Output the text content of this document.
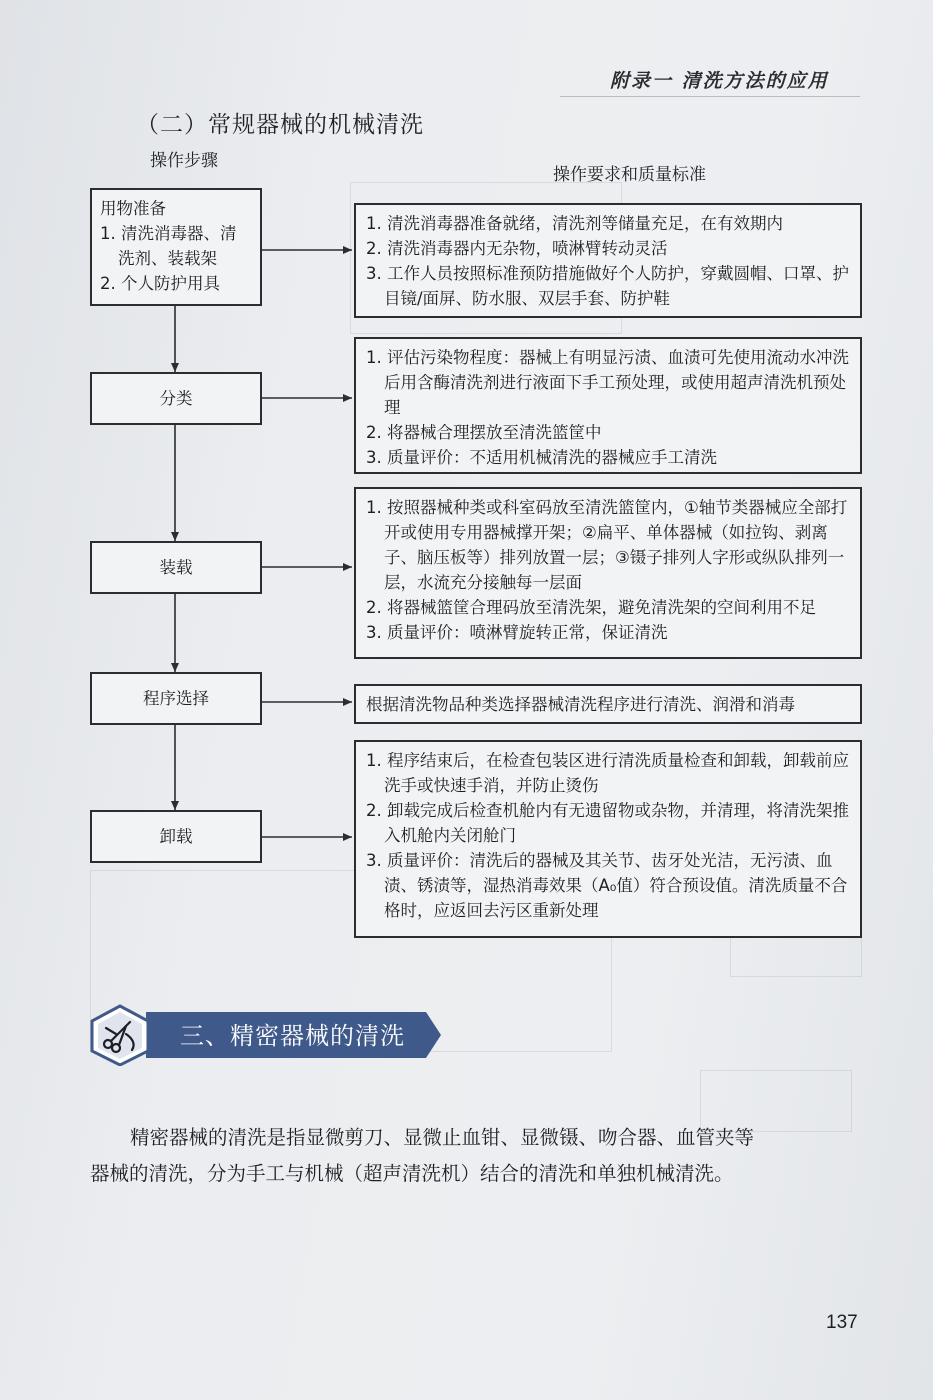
附录一 清洗方法的应用
（二）常规器械的机械清洗
操作步骤
操作要求和质量标准
用物准备
1. 清洗消毒器、清
洗剂、装载架
2. 个人防护用具
分类
装载
程序选择
卸载
1. 清洗消毒器准备就绪，清洗剂等储量充足，在有效期内
2. 清洗消毒器内无杂物，喷淋臂转动灵活
3. 工作人员按照标准预防措施做好个人防护，穿戴圆帽、口罩、护目镜/面屏、防水服、双层手套、防护鞋
1. 评估污染物程度：器械上有明显污渍、血渍可先使用流动水冲洗后用含酶清洗剂进行液面下手工预处理，或使用超声清洗机预处理
2. 将器械合理摆放至清洗篮筐中
3. 质量评价：不适用机械清洗的器械应手工清洗
1. 按照器械种类或科室码放至清洗篮筐内，①轴节类器械应全部打开或使用专用器械撑开架；②扁平、单体器械（如拉钩、剥离子、脑压板等）排列放置一层；③镊子排列人字形或纵队排列一层，水流充分接触每一层面
2. 将器械篮筐合理码放至清洗架，避免清洗架的空间利用不足
3. 质量评价：喷淋臂旋转正常，保证清洗
根据清洗物品种类选择器械清洗程序进行清洗、润滑和消毒
1. 程序结束后，在检查包装区进行清洗质量检查和卸载，卸载前应洗手或快速手消，并防止烫伤
2. 卸载完成后检查机舱内有无遗留物或杂物，并清理，将清洗架推入机舱内关闭舱门
3. 质量评价：清洗后的器械及其关节、齿牙处光洁，无污渍、血渍、锈渍等，湿热消毒效果（A₀值）符合预设值。清洗质量不合格时，应返回去污区重新处理
三、精密器械的清洗
精密器械的清洗是指显微剪刀、显微止血钳、显微镊、吻合器、血管夹等
器械的清洗，分为手工与机械（超声清洗机）结合的清洗和单独机械清洗。
137
